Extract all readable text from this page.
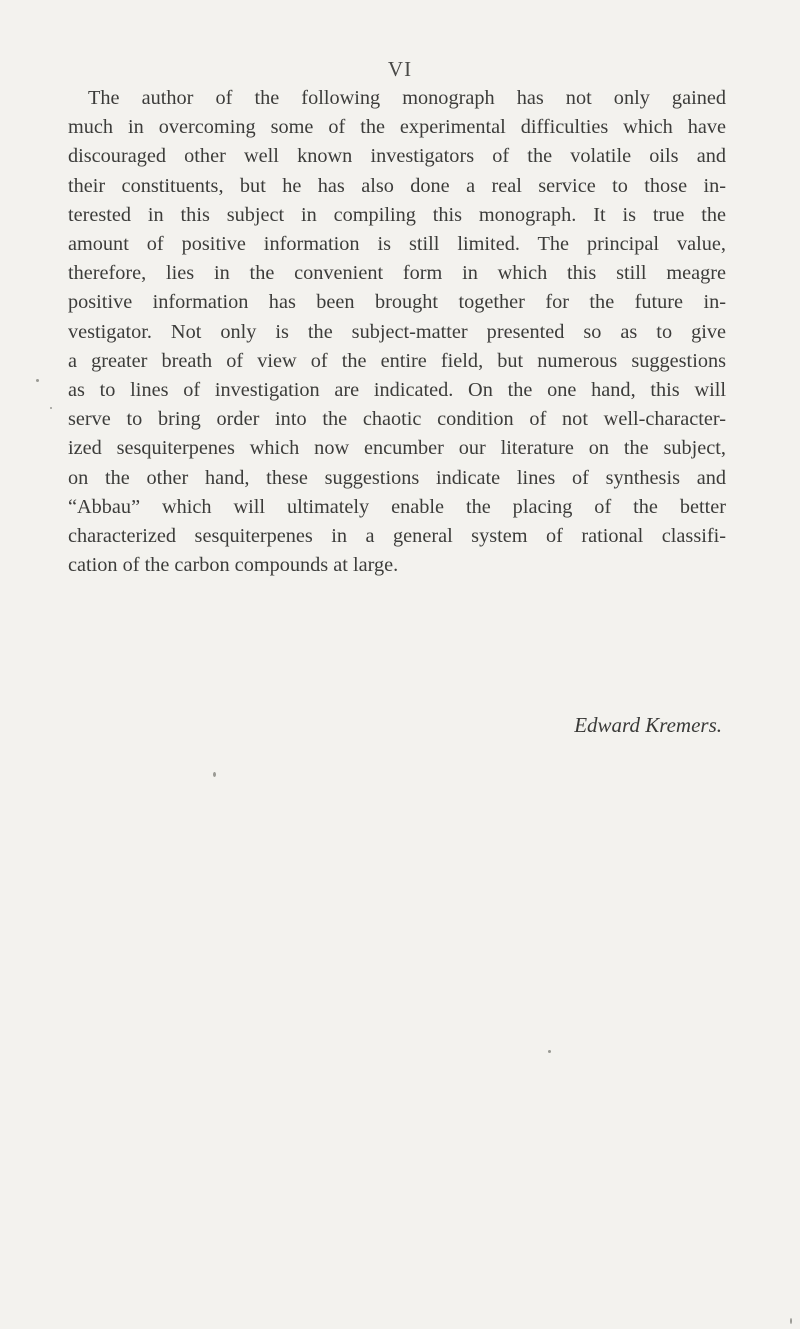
VI
The author of the following monograph has not only gained
much in overcoming some of the experimental difficulties which have
discouraged other well known investigators of the volatile oils and
their constituents, but he has also done a real service to those in-
terested in this subject in compiling this monograph. It is true the
amount of positive information is still limited. The principal value,
therefore, lies in the convenient form in which this still meagre
positive information has been brought together for the future in-
vestigator. Not only is the subject-matter presented so as to give
a greater breath of view of the entire field, but numerous suggestions
as to lines of investigation are indicated. On the one hand, this will
serve to bring order into the chaotic condition of not well-character-
ized sesquiterpenes which now encumber our literature on the subject,
on the other hand, these suggestions indicate lines of synthesis and
“Abbau” which will ultimately enable the placing of the better
characterized sesquiterpenes in a general system of rational classifi-
cation of the carbon compounds at large.
Edward Kremers.
